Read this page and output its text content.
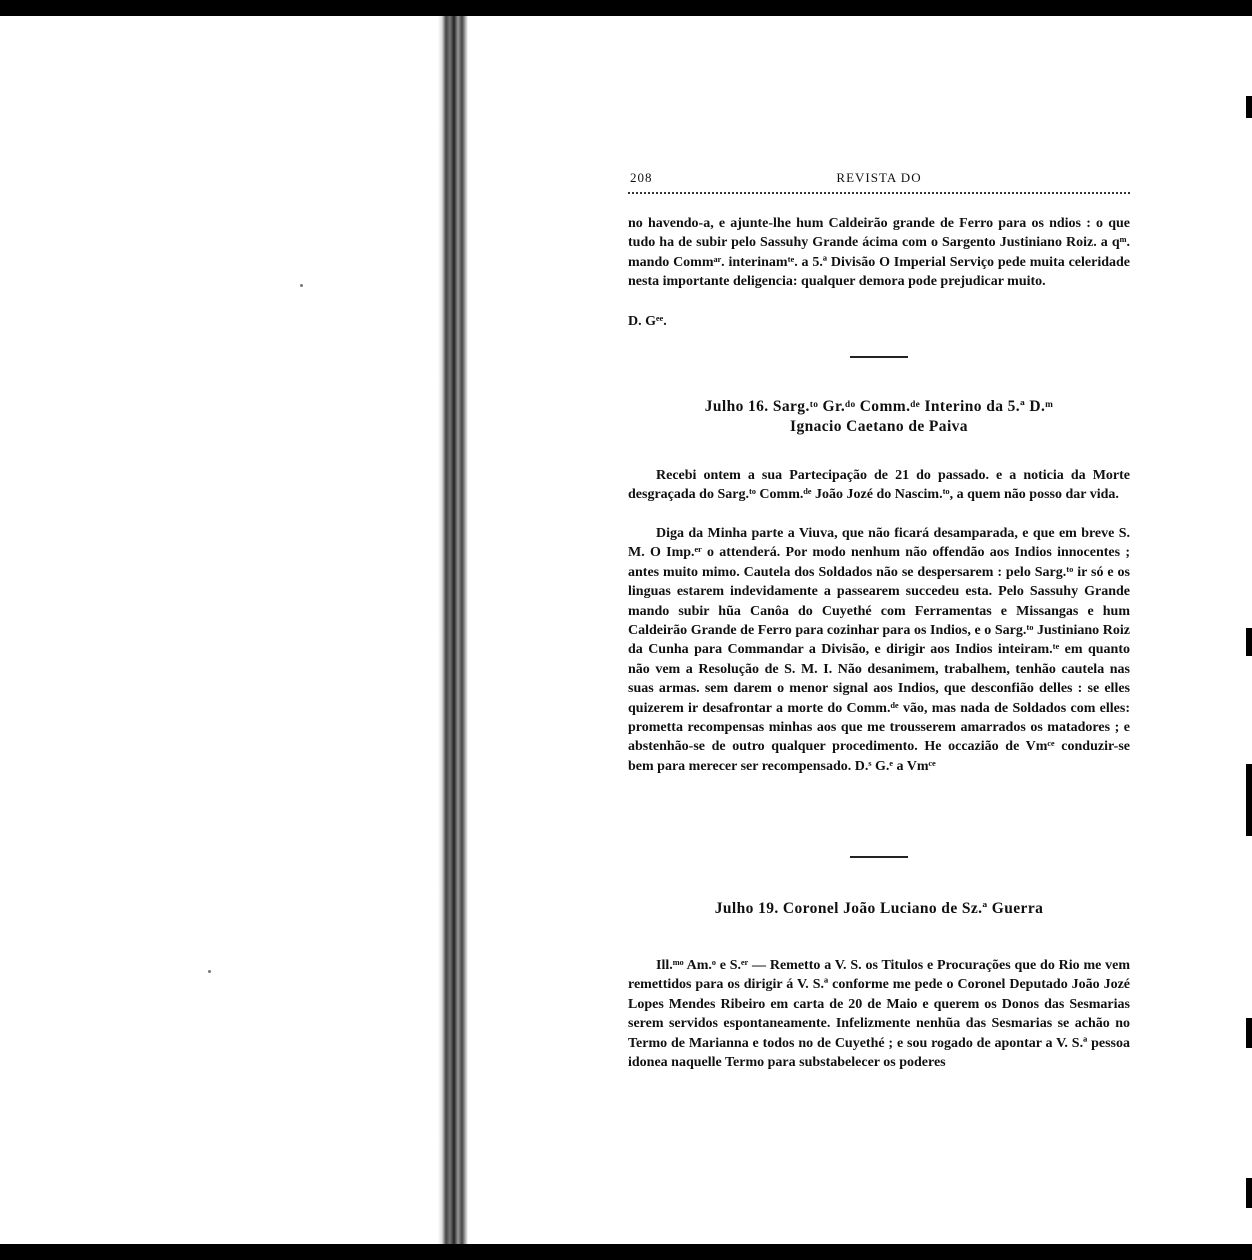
208	REVISTA DO

no havendo-a, e ajunte-lhe hum Caldeirão grande de Ferro para os ndios : o que tudo ha de subir pelo Sassuhy Grande ácima com o Sargento Justiniano Roiz. a qᵐ. mando Commᵃʳ. interinamᵗᵉ. a 5.ª Divisão O Imperial Serviço pede muita celeridade nesta importante deligencia: qualquer demora pode prejudicar muito.

D. Gᵉᵉ.

Julho 16. Sarg.ᵗᵒ Gr.ᵈᵒ Comm.ᵈᵉ Interino da 5.ª D.ᵐ

Ignacio Caetano de Paiva

Recebi ontem a sua Partecipação de 21 do passado. e a noticia da Morte desgraçada do Sarg.ᵗᵒ Comm.ᵈᵉ João Jozé do Nascim.ᵗᵒ, a quem não posso dar vida.

Diga da Minha parte a Viuva, que não ficará desamparada, e que em breve S. M. O Imp.ᵉʳ o attenderá. Por modo nenhum não offendão aos Indios innocentes ; antes muito mimo. Cautela dos Soldados não se despersarem : pelo Sarg.ᵗᵒ ir só e os linguas estarem indevidamente a passearem succedeu esta. Pelo Sassuhy Grande mando subir hũa Canôa do Cuyethé com Ferramentas e Missangas e hum Caldeirão Grande de Ferro para cozinhar para os Indios, e o Sarg.ᵗᵒ Justiniano Roiz da Cunha para Commandar a Divisão, e dirigir aos Indios inteiram.ᵗᵉ em quanto não vem a Resolução de S. M. I. Não desanimem, trabalhem, tenhão cautela nas suas armas. sem darem o menor signal aos Indios, que desconfião delles : se elles quizerem ir desafrontar a morte do Comm.ᵈᵉ vão, mas nada de Soldados com elles: prometta recompensas minhas aos que me trousserem amarrados os matadores ; e abstenhão-se de outro qualquer procedimento. He occazião de Vmᶜᵉ conduzir-se bem para merecer ser recompensado. D.ˢ G.ᵉ a Vmᶜᵉ

Julho 19. Coronel João Luciano de Sz.ª Guerra

Ill.ᵐᵒ Am.ᵒ e S.ᵉʳ — Remetto a V. S. os Titulos e Procurações que do Rio me vem remettidos para os dirigir á V. S.ª conforme me pede o Coronel Deputado João Jozé Lopes Mendes Ribeiro em carta de 20 de Maio e querem os Donos das Sesmarias serem servidos espontaneamente. Infelizmente nenhũa das Sesmarias se achão no Termo de Marianna e todos no de Cuyethé ; e sou rogado de apontar a V. S.ª pessoa idonea naquelle Termo para substabelecer os poderes
